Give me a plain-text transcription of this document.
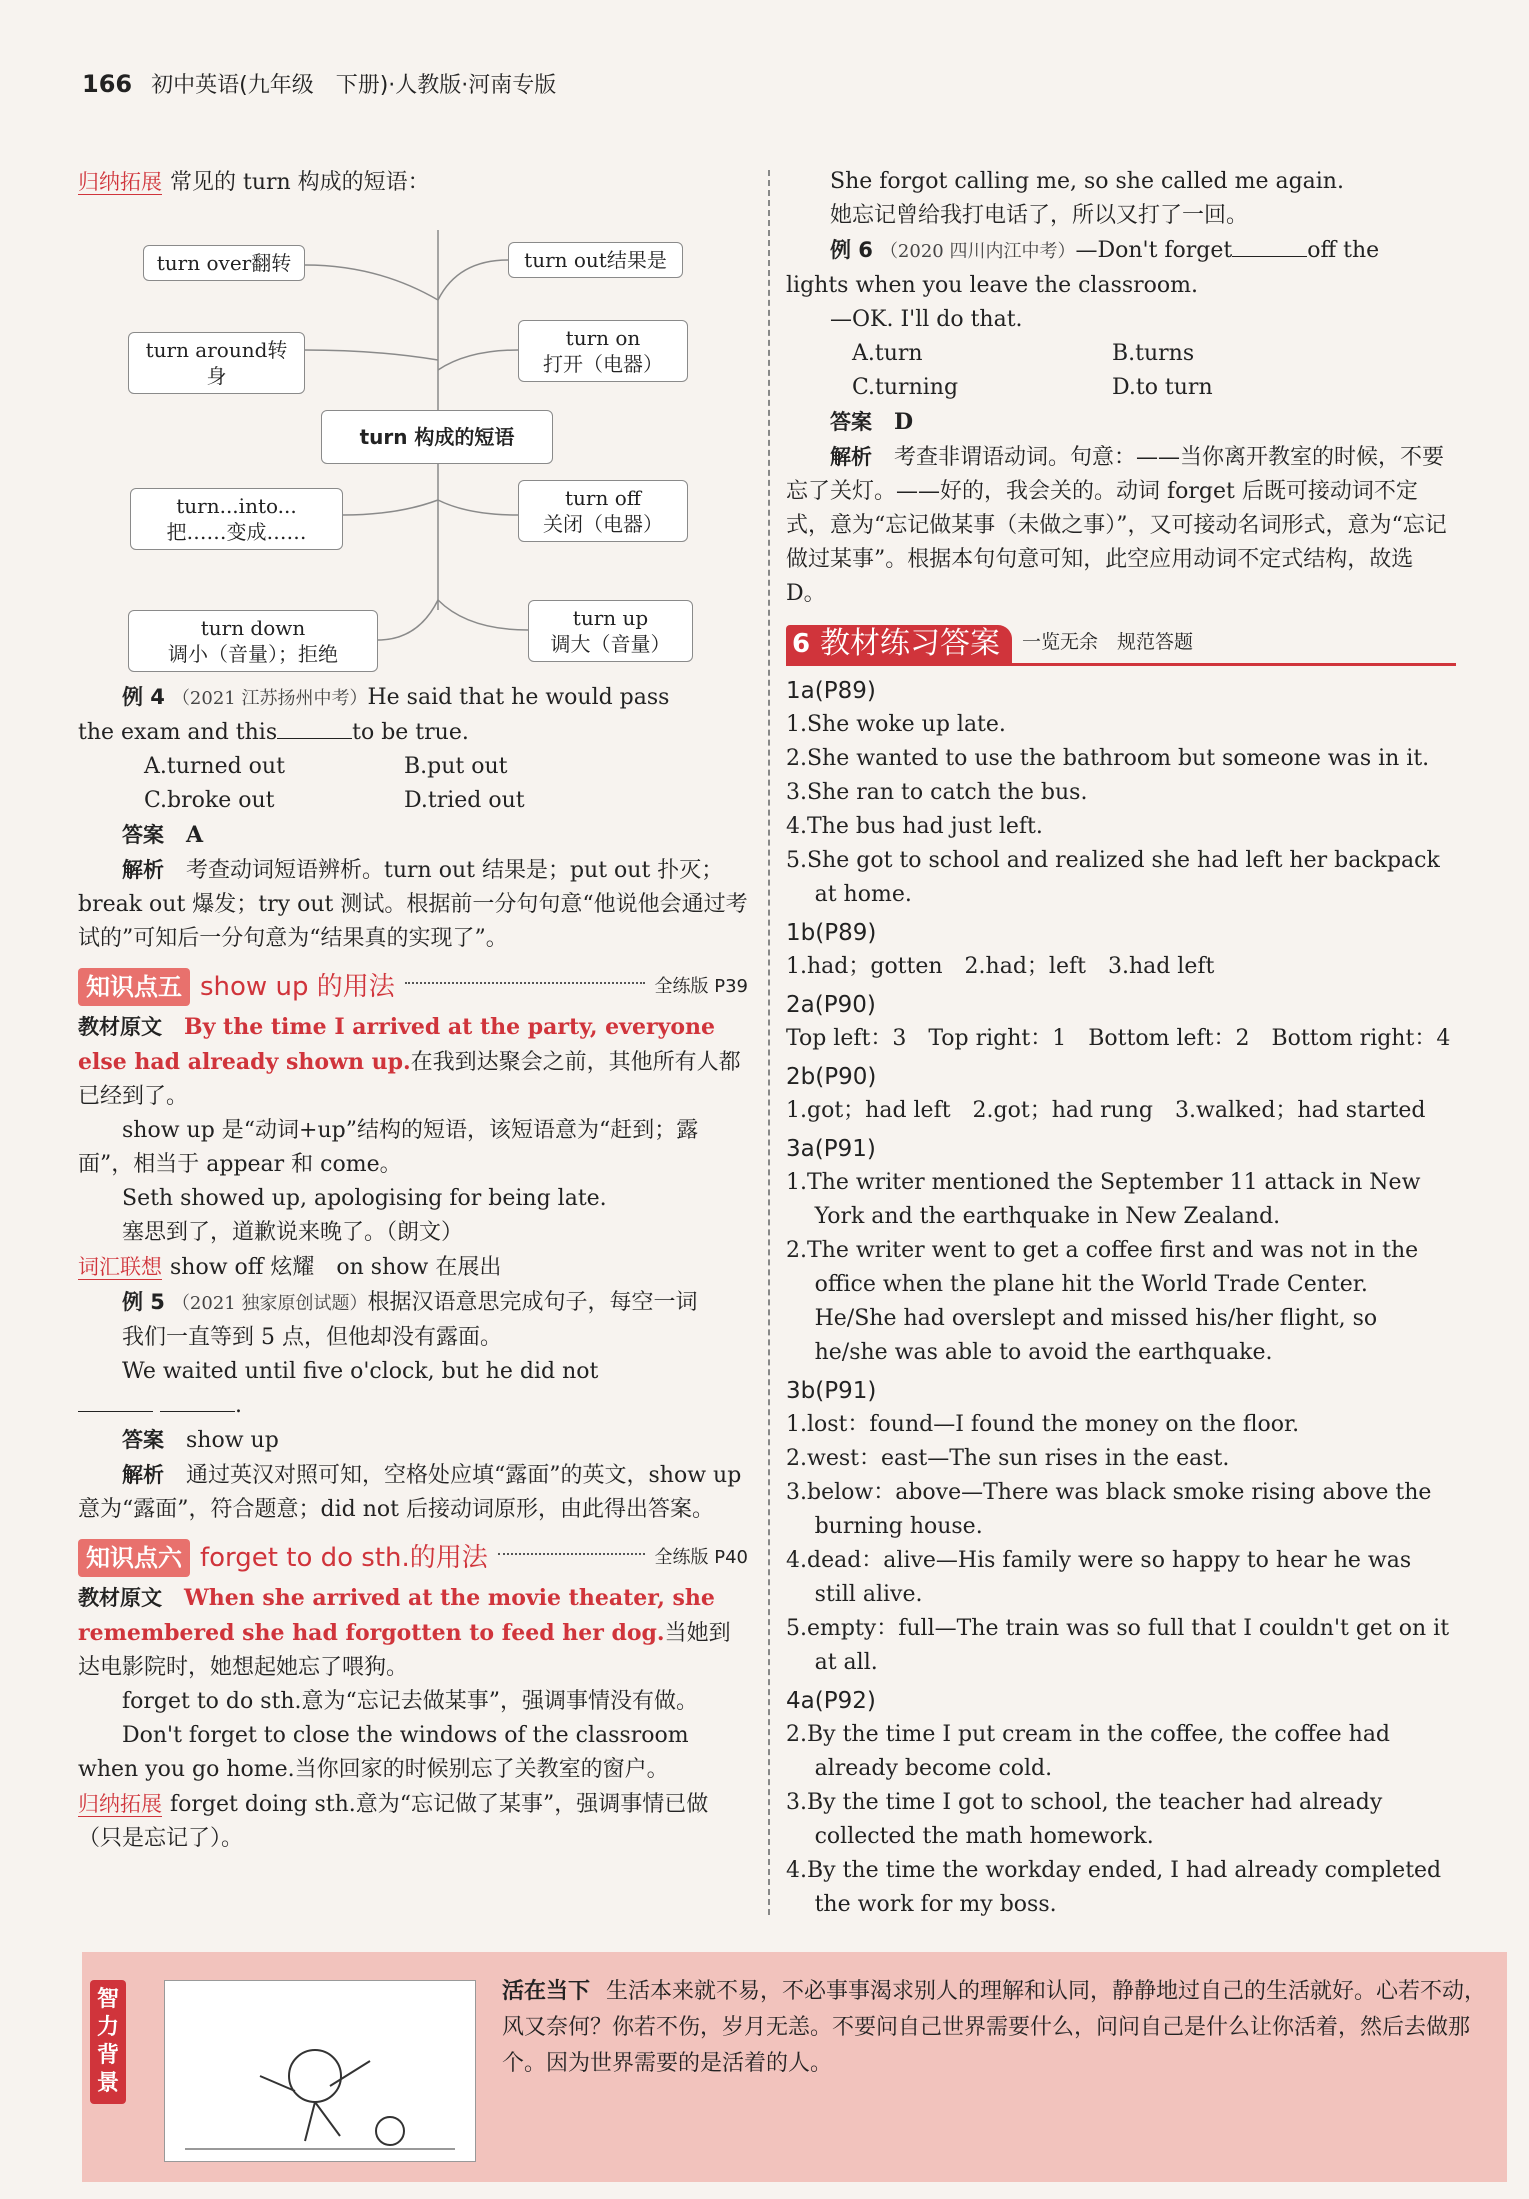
166 初中英语(九年级　下册)·人教版·河南专版

归纳拓展 常见的 turn 构成的短语：

turn over翻转
turn around转身
turn...into...
把……变成……
turn down
调小（音量）；拒绝
turn 构成的短语
turn out结果是
turn on
打开（电器）
turn off
关闭（电器）
turn up
调大（音量）

例 4 （2021 江苏扬州中考）He said that he would pass

the exam and this	to be true.

A.turned out	B.put out
C.broke out	D.tried out

答案　 A

解析　 考查动词短语辨析。turn out 结果是；put out 扑灭；break out 爆发；try out 测试。根据前一分句句意“他说他会通过考试的”可知后一分句意为“结果真的实现了”。

知识点五 show up 的用法	全练版 P39

教材原文　 By the time I arrived at the party, everyone else had already shown up.在我到达聚会之前，其他所有人都已经到了。

show up 是“动词+up”结构的短语，该短语意为“赶到；露面”，相当于 appear 和 come。

Seth showed up, apologising for being late.

塞思到了，道歉说来晚了。（朗文）

词汇联想 show off 炫耀　on show 在展出

例 5 （2021 独家原创试题）根据汉语意思完成句子，每空一词

我们一直等到 5 点，但他却没有露面。

We waited until five o'clock, but he did not

.

答案　 show up

解析　 通过英汉对照可知，空格处应填“露面”的英文，show up 意为“露面”，符合题意；did not 后接动词原形，由此得出答案。

知识点六 forget to do sth.的用法	全练版 P40

教材原文　 When she arrived at the movie theater, she remembered she had forgotten to feed her dog.当她到达电影院时，她想起她忘了喂狗。

forget to do sth.意为“忘记去做某事”，强调事情没有做。

Don't forget to close the windows of the classroom when you go home.当你回家的时候别忘了关教室的窗户。

归纳拓展 forget doing sth.意为“忘记做了某事”，强调事情已做（只是忘记了）。

She forgot calling me, so she called me again.

她忘记曾给我打电话了，所以又打了一回。

例 6 （2020 四川内江中考）—Don't forget	off the

lights when you leave the classroom.

—OK. I'll do that.

A.turn	B.turns
C.turning	D.to turn

答案　 D

解析　 考查非谓语动词。句意：——当你离开教室的时候，不要忘了关灯。——好的，我会关的。动词 forget 后既可接动词不定式，意为“忘记做某事（未做之事）”，又可接动名词形式，意为“忘记做过某事”。根据本句句意可知，此空应用动词不定式结构，故选 D。

6 教材练习答案	一览无余　规范答题

1a(P89)

1.She woke up late.

2.She wanted to use the bathroom but someone was in it.

3.She ran to catch the bus.

4.The bus had just left.

5.She got to school and realized she had left her backpack at home.

1b(P89)

1.had；gotten　2.had；left　3.had left

2a(P90)

Top left：3　Top right：1　Bottom left：2　Bottom right：4

2b(P90)

1.got；had left　2.got；had rung　3.walked；had started

3a(P91)

1.The writer mentioned the September 11 attack in New York and the earthquake in New Zealand.

2.The writer went to get a coffee first and was not in the office when the plane hit the World Trade Center. He/She had overslept and missed his/her flight, so he/she was able to avoid the earthquake.

3b(P91)

1.lost：found—I found the money on the floor.

2.west：east—The sun rises in the east.

3.below：above—There was black smoke rising above the burning house.

4.dead：alive—His family were so happy to hear he was still alive.

5.empty：full—The train was so full that I couldn't get on it at all.

4a(P92)

2.By the time I put cream in the coffee, the coffee had already become cold.

3.By the time I got to school, the teacher had already collected the math homework.

4.By the time the workday ended, I had already completed the work for my boss.

智力背景
活在当下 生活本来就不易，不必事事渴求别人的理解和认同，静静地过自己的生活就好。心若不动，风又奈何？你若不伤，岁月无恙。不要问自己世界需要什么，问问自己是什么让你活着，然后去做那个。因为世界需要的是活着的人。
